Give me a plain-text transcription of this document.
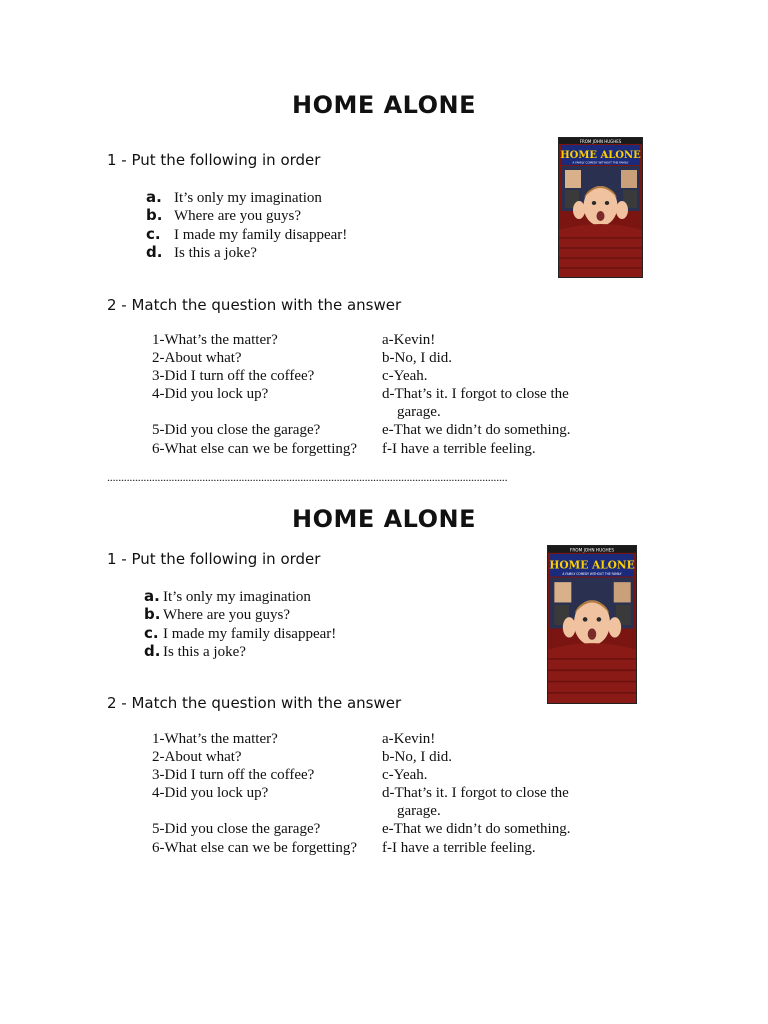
HOME ALONE
1 - Put the following in order
a. It’s only my imagination
b. Where are you guys?
c. I made my family disappear!
d. Is this a joke?
2 - Match the question with the answer
1-What’s the matter?
2-About what?
3-Did I turn off the coffee?
4-Did you lock up?

5-Did you close the garage?
6-What else can we be forgetting?
a-Kevin!
b-No, I did.
c-Yeah.
d-That’s it. I forgot to close the
garage.
e-That we didn’t do something.
f-I have a terrible feeling.
FROM JOHN HUGHES
HOME ALONE
A FAMILY COMEDY WITHOUT THE FAMILY
...............................................................................................................................................
HOME ALONE
1 - Put the following in order
a. It’s only my imagination
b. Where are you guys?
c. I made my family disappear!
d. Is this a joke?
2 - Match the question with the answer
1-What’s the matter?
2-About what?
3-Did I turn off the coffee?
4-Did you lock up?

5-Did you close the garage?
6-What else can we be forgetting?
a-Kevin!
b-No, I did.
c-Yeah.
d-That’s it. I forgot to close the
garage.
e-That we didn’t do something.
f-I have a terrible feeling.
FROM JOHN HUGHES
HOME ALONE
A FAMILY COMEDY WITHOUT THE FAMILY
